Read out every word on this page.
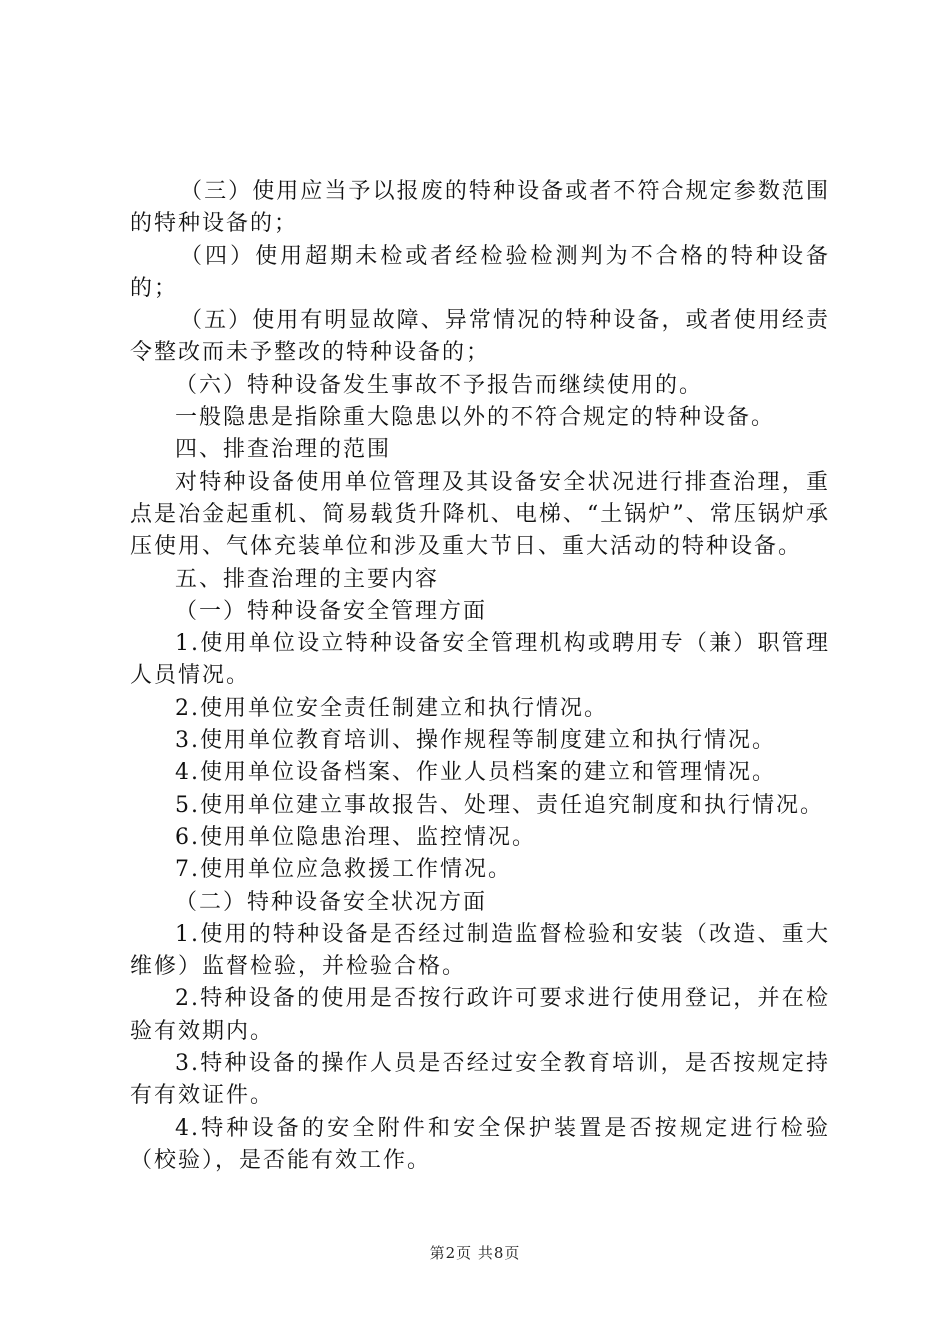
（三）使用应当予以报废的特种设备或者不符合规定参数范围的特种设备的；

（四）使用超期未检或者经检验检测判为不合格的特种设备的；

（五）使用有明显故障、异常情况的特种设备，或者使用经责令整改而未予整改的特种设备的；

（六）特种设备发生事故不予报告而继续使用的。

一般隐患是指除重大隐患以外的不符合规定的特种设备。

四、排查治理的范围

对特种设备使用单位管理及其设备安全状况进行排查治理，重点是冶金起重机、简易载货升降机、电梯、“土锅炉”、常压锅炉承压使用、气体充装单位和涉及重大节日、重大活动的特种设备。

五、排查治理的主要内容

（一）特种设备安全管理方面

1.使用单位设立特种设备安全管理机构或聘用专（兼）职管理人员情况。

2.使用单位安全责任制建立和执行情况。

3.使用单位教育培训、操作规程等制度建立和执行情况。

4.使用单位设备档案、作业人员档案的建立和管理情况。

5.使用单位建立事故报告、处理、责任追究制度和执行情况。

6.使用单位隐患治理、监控情况。

7.使用单位应急救援工作情况。

（二）特种设备安全状况方面

1.使用的特种设备是否经过制造监督检验和安装（改造、重大维修）监督检验，并检验合格。

2.特种设备的使用是否按行政许可要求进行使用登记，并在检验有效期内。

3.特种设备的操作人员是否经过安全教育培训，是否按规定持有有效证件。

4.特种设备的安全附件和安全保护装置是否按规定进行检验（校验），是否能有效工作。

第2页 共8页
